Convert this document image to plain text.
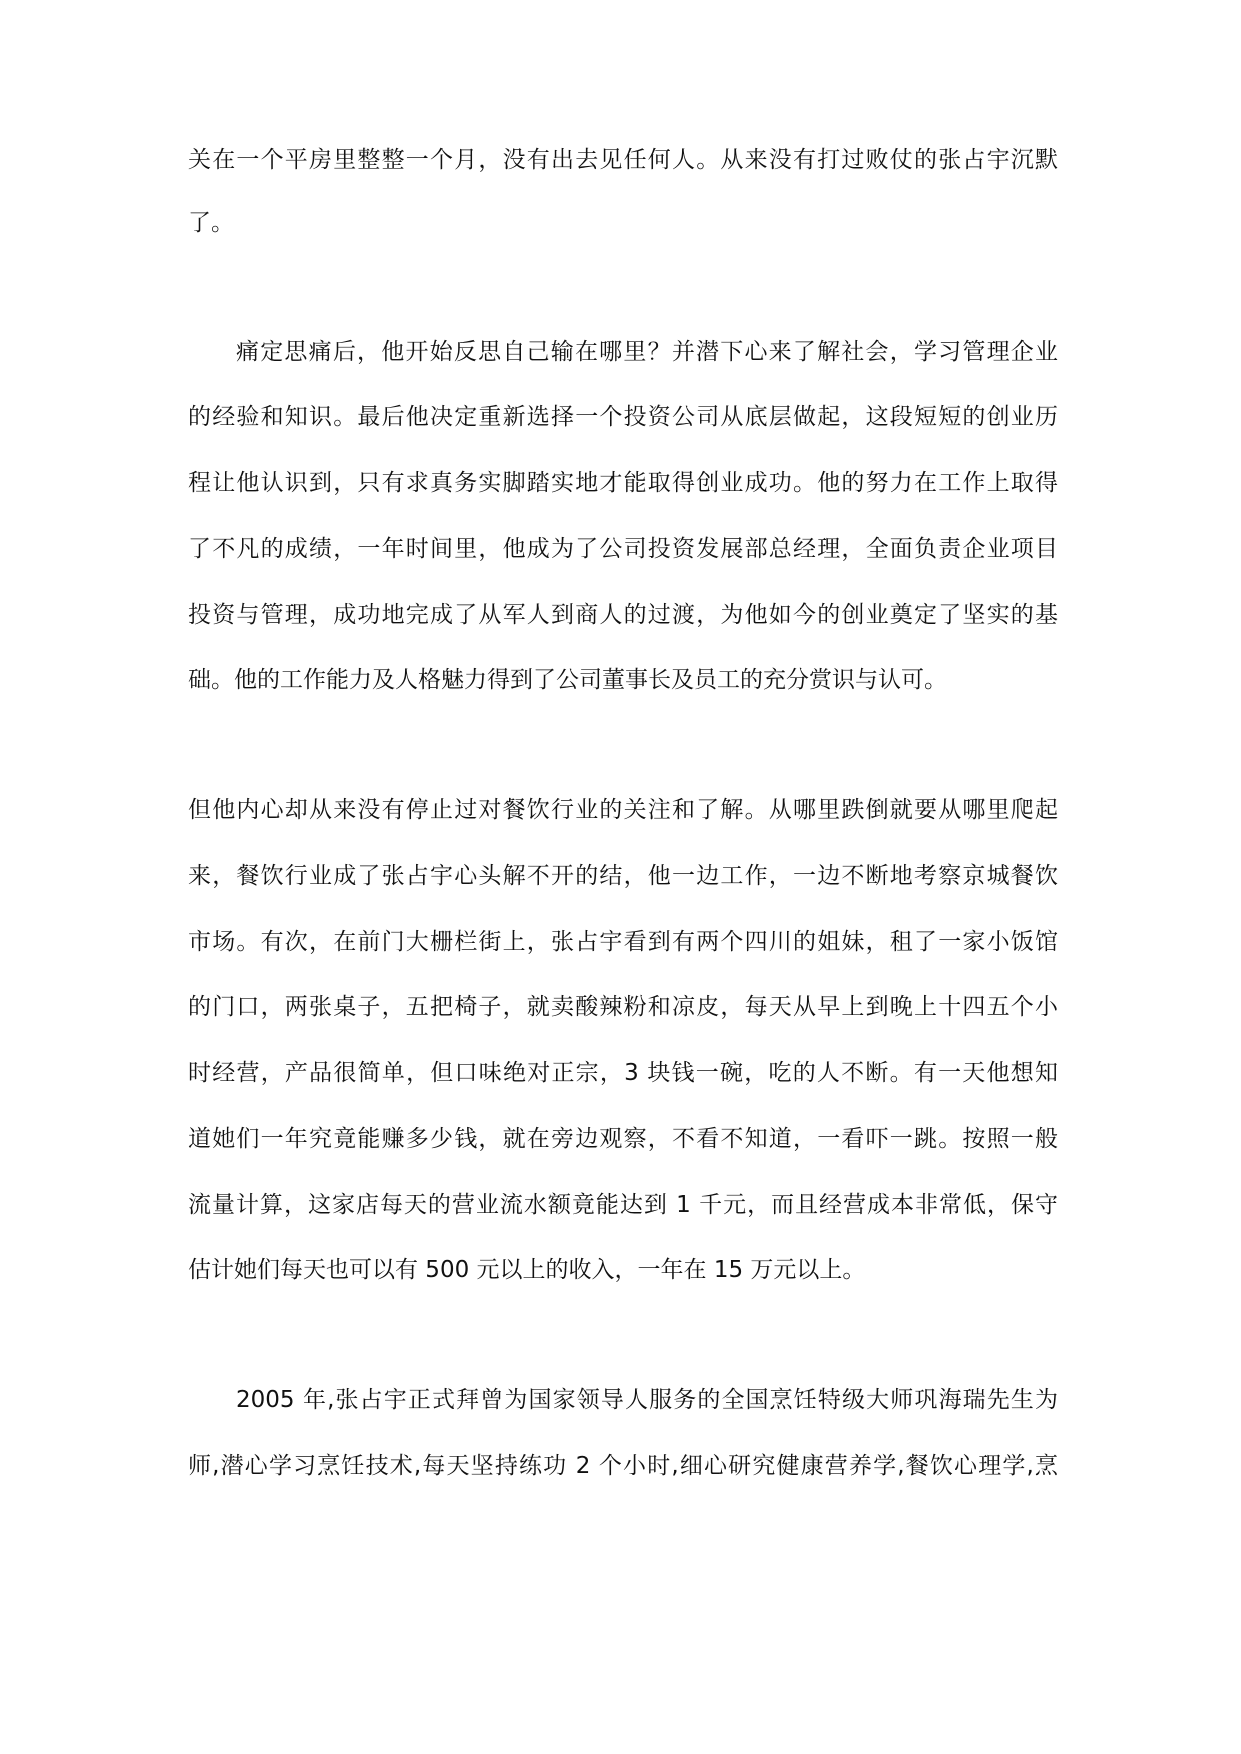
关在一个平房里整整一个月，没有出去见任何人。从来没有打过败仗的张占宇沉默
了。
痛定思痛后，他开始反思自己输在哪里？并潜下心来了解社会，学习管理企业
的经验和知识。最后他决定重新选择一个投资公司从底层做起，这段短短的创业历
程让他认识到，只有求真务实脚踏实地才能取得创业成功。他的努力在工作上取得
了不凡的成绩，一年时间里，他成为了公司投资发展部总经理，全面负责企业项目
投资与管理，成功地完成了从军人到商人的过渡，为他如今的创业奠定了坚实的基
础。他的工作能力及人格魅力得到了公司董事长及员工的充分赏识与认可。
但他内心却从来没有停止过对餐饮行业的关注和了解。从哪里跌倒就要从哪里爬起
来，餐饮行业成了张占宇心头解不开的结，他一边工作，一边不断地考察京城餐饮
市场。有次，在前门大栅栏街上，张占宇看到有两个四川的姐妹，租了一家小饭馆
的门口，两张桌子，五把椅子，就卖酸辣粉和凉皮，每天从早上到晚上十四五个小
时经营，产品很简单，但口味绝对正宗，3 块钱一碗，吃的人不断。有一天他想知
道她们一年究竟能赚多少钱，就在旁边观察，不看不知道，一看吓一跳。按照一般
流量计算，这家店每天的营业流水额竟能达到 1 千元，而且经营成本非常低，保守
估计她们每天也可以有 500 元以上的收入，一年在 15 万元以上。
2005 年,张占宇正式拜曾为国家领导人服务的全国烹饪特级大师巩海瑞先生为
师,潜心学习烹饪技术,每天坚持练功 2 个小时,细心研究健康营养学,餐饮心理学,烹
